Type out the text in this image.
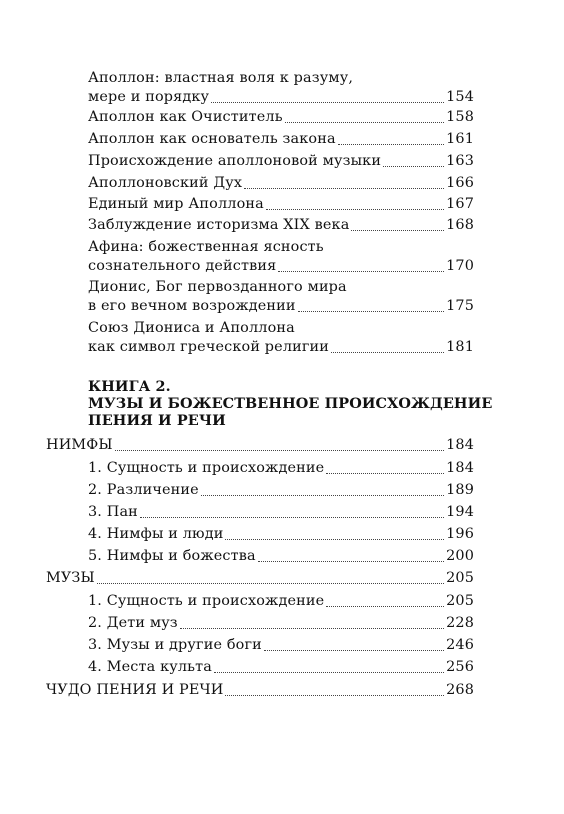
Аполлон: властная воля к разуму,
мере и порядку	154
Аполлон как Очиститель	158
Аполлон как основатель закона	161
Происхождение аполлоновой музыки	163
Аполлоновский Дух	166
Единый мир Аполлона	167
Заблуждение историзма XIX века	168
Афина: божественная ясность
сознательного действия	170
Дионис, Бог первозданного мира
в его вечном возрождении	175
Союз Дионисa и Аполлона
как символ греческой религии	181
КНИГА 2.
МУЗЫ И БОЖЕСТВЕННОЕ ПРОИСХОЖДЕНИЕ
ПЕНИЯ И РЕЧИ
НИМФЫ	184
1. Сущность и происхождение	184
2. Различение	189
3. Пан	194
4. Нимфы и люди	196
5. Нимфы и божества	200
МУЗЫ	205
1. Сущность и происхождение	205
2. Дети муз	228
3. Музы и другие боги	246
4. Места культа	256
ЧУДО ПЕНИЯ И РЕЧИ	268
